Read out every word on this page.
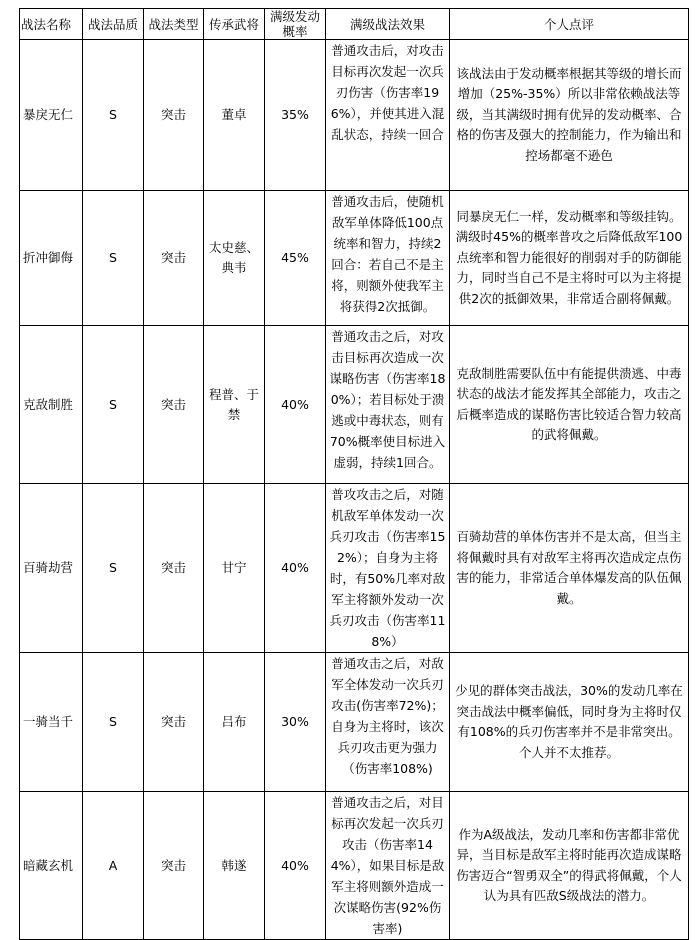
战法名称	战法品质	战法类型	传承武将	满级发动概率	满级战法效果	个人点评
暴戾无仁	S	突击	董卓	35%	普通攻击后，对攻击目标再次发起一次兵刃伤害（伤害率196%），并使其进入混乱状态，持续一回合	该战法由于发动概率根据其等级的增长而增加（25%-35%）所以非常依赖战法等级，当其满级时拥有优异的发动概率、合格的伤害及强大的控制能力，作为输出和控场都毫不逊色
折冲御侮	S	突击	太史慈、典韦	45%	普通攻击后，使随机敌军单体降低100点统率和智力，持续2回合：若自己不是主将，则额外使我军主将获得2次抵御。	同暴戾无仁一样，发动概率和等级挂钩。满级时45%的概率普攻之后降低敌军100点统率和智力能很好的削弱对手的防御能力，同时当自己不是主将时可以为主将提供2次的抵御效果，非常适合副将佩戴。
克敌制胜	S	突击	程普、于禁	40%	普通攻击之后，对攻击目标再次造成一次谋略伤害（伤害率180%）；若目标处于溃逃或中毒状态，则有70%概率使目标进入虚弱，持续1回合。	克敌制胜需要队伍中有能提供溃逃、中毒状态的战法才能发挥其全部能力，攻击之后概率造成的谋略伤害比较适合智力较高的武将佩戴。
百骑劫营	S	突击	甘宁	40%	普攻攻击之后，对随机敌军单体发动一次兵刃攻击（伤害率152%）；自身为主将时，有50%几率对敌军主将额外发动一次兵刃攻击（伤害率118%）	百骑劫营的单体伤害并不是太高，但当主将佩戴时具有对敌军主将再次造成定点伤害的能力，非常适合单体爆发高的队伍佩戴。
一骑当千	S	突击	吕布	30%	普通攻击之后，对敌军全体发动一次兵刃攻击(伤害率72%)；自身为主将时，该次兵刃攻击更为强力（伤害率108%)	少见的群体突击战法，30%的发动几率在突击战法中概率偏低，同时身为主将时仅有108%的兵刃伤害率并不是非常突出。个人并不太推荐。
暗藏玄机	A	突击	韩遂	40%	普通攻击之后，对目标再次发起一次兵刃攻击（伤害率144%），如果目标是敌军主将则额外造成一次谋略伤害(92%伤害率)	作为A级战法，发动几率和伤害都非常优异，当目标是敌军主将时能再次造成谋略伤害迈合“智勇双全”的得武将佩戴，个人认为具有匹敌S级战法的潜力。
